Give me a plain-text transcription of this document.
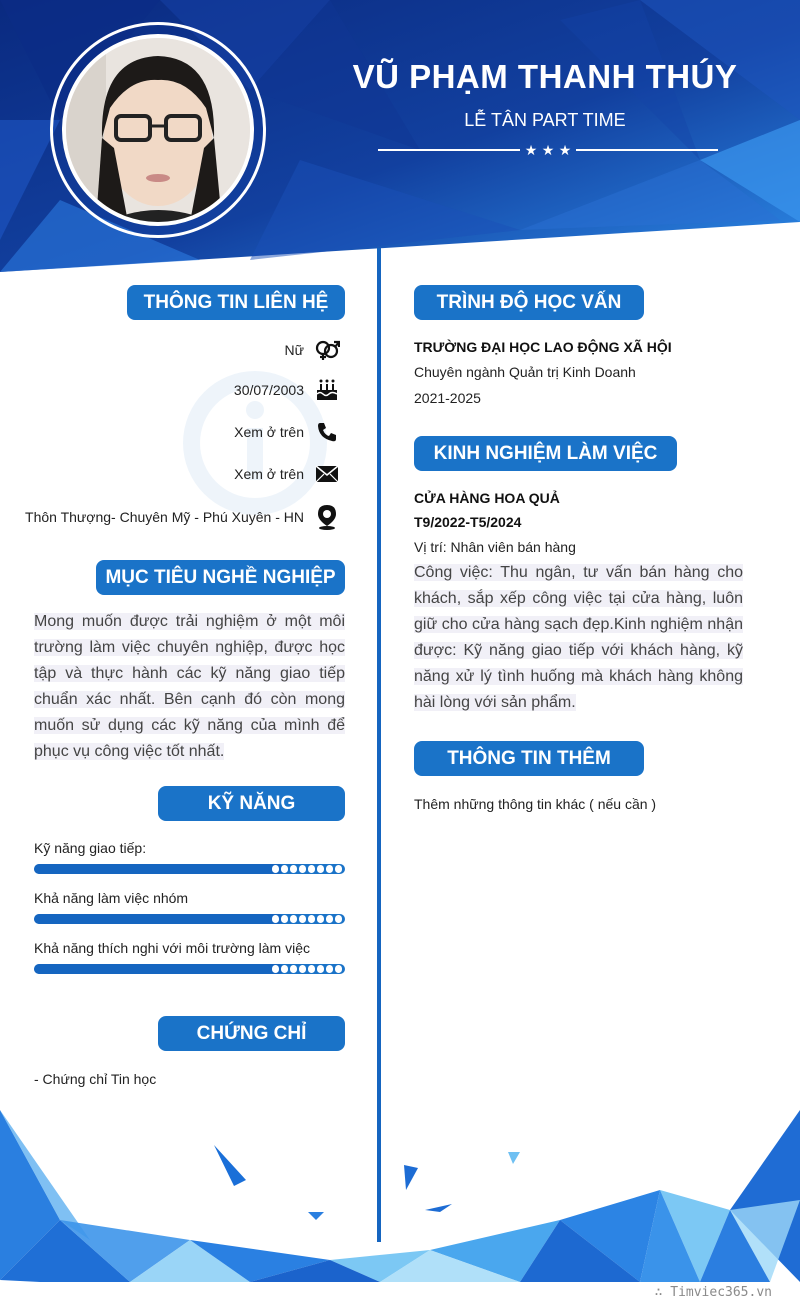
VŨ PHẠM THANH THÚY
LỄ TÂN PART TIME
★ ★ ★
THÔNG TIN LIÊN HỆ
Nữ
30/07/2003
Xem ở trên
Xem ở trên
Thôn Thượng- Chuyên Mỹ - Phú Xuyên - HN
MỤC TIÊU NGHỀ NGHIỆP
Mong muốn được trải nghiệm ở một môi trường làm việc chuyên nghiệp, được học tập và thực hành các kỹ năng giao tiếp chuẩn xác nhất. Bên cạnh đó còn mong muốn sử dụng các kỹ năng của mình để phục vụ công việc tốt nhất.
KỸ NĂNG
Kỹ năng giao tiếp:
Khả năng làm việc nhóm
Khả năng thích nghi với môi trường làm việc
CHỨNG CHỈ
- Chứng chỉ Tin học
TRÌNH ĐỘ HỌC VẤN
TRƯỜNG ĐẠI HỌC LAO ĐỘNG XÃ HỘI
Chuyên ngành Quản trị Kinh Doanh
2021-2025
KINH NGHIỆM LÀM VIỆC
CỬA HÀNG HOA QUẢ
T9/2022-T5/2024
Vị trí: Nhân viên bán hàng
Công việc: Thu ngân, tư vấn bán hàng cho khách, sắp xếp công việc tại cửa hàng, luôn giữ cho cửa hàng sạch đẹp.Kinh nghiệm nhận được: Kỹ năng giao tiếp với khách hàng, kỹ năng xử lý tình huống mà khách hàng không hài lòng với sản phẩm.
THÔNG TIN THÊM
Thêm những thông tin khác ( nếu cần )
∴ Timviec365.vn
